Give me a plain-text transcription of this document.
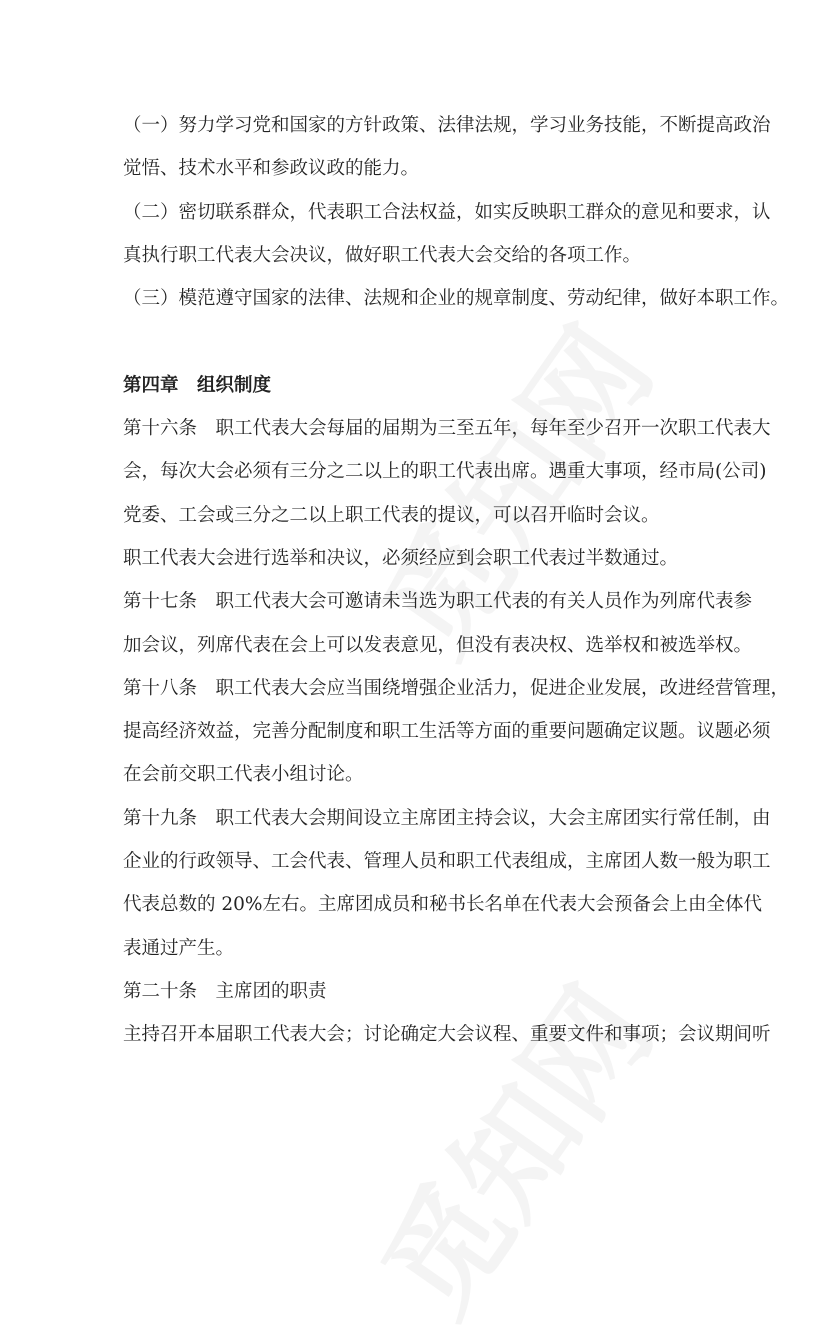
（一）努力学习党和国家的方针政策、法律法规，学习业务技能，不断提高政治
觉悟、技术水平和参政议政的能力。
（二）密切联系群众，代表职工合法权益，如实反映职工群众的意见和要求，认
真执行职工代表大会决议，做好职工代表大会交给的各项工作。
（三）模范遵守国家的法律、法规和企业的规章制度、劳动纪律，做好本职工作。
第四章　组织制度
第十六条　职工代表大会每届的届期为三至五年，每年至少召开一次职工代表大
会，每次大会必须有三分之二以上的职工代表出席。遇重大事项，经市局(公司)
党委、工会或三分之二以上职工代表的提议，可以召开临时会议。
职工代表大会进行选举和决议，必须经应到会职工代表过半数通过。
第十七条　职工代表大会可邀请未当选为职工代表的有关人员作为列席代表参
加会议，列席代表在会上可以发表意见，但没有表决权、选举权和被选举权。
第十八条　职工代表大会应当围绕增强企业活力，促进企业发展，改进经营管理，
提高经济效益，完善分配制度和职工生活等方面的重要问题确定议题。议题必须
在会前交职工代表小组讨论。
第十九条　职工代表大会期间设立主席团主持会议，大会主席团实行常任制，由
企业的行政领导、工会代表、管理人员和职工代表组成，主席团人数一般为职工
代表总数的 20%左右。主席团成员和秘书长名单在代表大会预备会上由全体代
表通过产生。
第二十条　主席团的职责
主持召开本届职工代表大会；讨论确定大会议程、重要文件和事项；会议期间听
